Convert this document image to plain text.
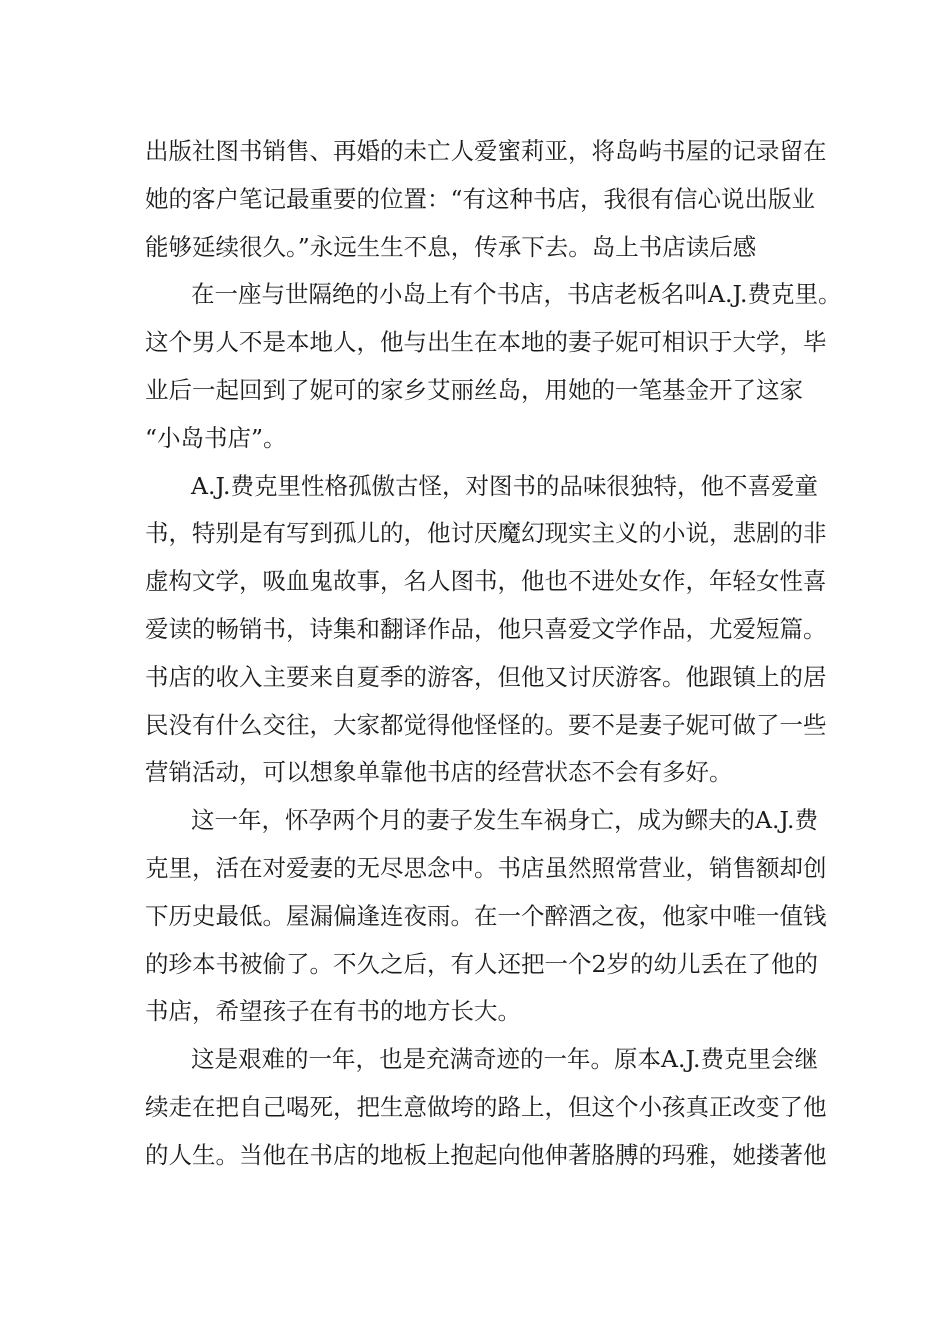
出版社图书销售、再婚的未亡人爱蜜莉亚，将岛屿书屋的记录留在
她的客户笔记最重要的位置：“有这种书店，我很有信心说出版业
能够延续很久。”永远生生不息，传承下去。岛上书店读后感
在一座与世隔绝的小岛上有个书店，书店老板名叫A.J.费克里。
这个男人不是本地人，他与出生在本地的妻子妮可相识于大学，毕
业后一起回到了妮可的家乡艾丽丝岛，用她的一笔基金开了这家
“小岛书店”。
A.J.费克里性格孤傲古怪，对图书的品味很独特，他不喜爱童
书，特别是有写到孤儿的，他讨厌魔幻现实主义的小说，悲剧的非
虚构文学，吸血鬼故事，名人图书，他也不进处女作，年轻女性喜
爱读的畅销书，诗集和翻译作品，他只喜爱文学作品，尤爱短篇。
书店的收入主要来自夏季的游客，但他又讨厌游客。他跟镇上的居
民没有什么交往，大家都觉得他怪怪的。要不是妻子妮可做了一些
营销活动，可以想象单靠他书店的经营状态不会有多好。
这一年，怀孕两个月的妻子发生车祸身亡，成为鳏夫的A.J.费
克里，活在对爱妻的无尽思念中。书店虽然照常营业，销售额却创
下历史最低。屋漏偏逢连夜雨。在一个醉酒之夜，他家中唯一值钱
的珍本书被偷了。不久之后，有人还把一个2岁的幼儿丢在了他的
书店，希望孩子在有书的地方长大。
这是艰难的一年，也是充满奇迹的一年。原本A.J.费克里会继
续走在把自己喝死，把生意做垮的路上，但这个小孩真正改变了他
的人生。当他在书店的地板上抱起向他伸著胳膊的玛雅，她搂著他
